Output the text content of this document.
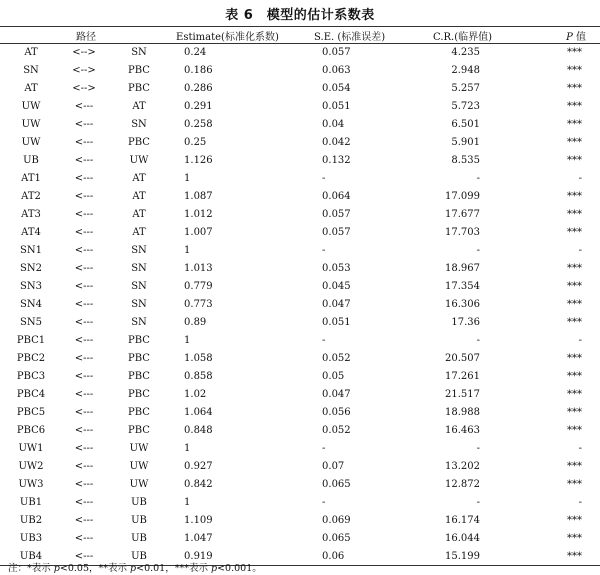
表 6　模型的估计系数表
路径			Estimate(标准化系数)	S.E. (标准误差)	C.R.(临界值)	P 值
AT	<-->	SN	0.24	0.057	4.235	***
SN	<-->	PBC	0.186	0.063	2.948	***
AT	<-->	PBC	0.286	0.054	5.257	***
UW	<---	AT	0.291	0.051	5.723	***
UW	<---	SN	0.258	0.04	6.501	***
UW	<---	PBC	0.25	0.042	5.901	***
UB	<---	UW	1.126	0.132	8.535	***
AT1	<---	AT	1	-	-	-
AT2	<---	AT	1.087	0.064	17.099	***
AT3	<---	AT	1.012	0.057	17.677	***
AT4	<---	AT	1.007	0.057	17.703	***
SN1	<---	SN	1	-	-	-
SN2	<---	SN	1.013	0.053	18.967	***
SN3	<---	SN	0.779	0.045	17.354	***
SN4	<---	SN	0.773	0.047	16.306	***
SN5	<---	SN	0.89	0.051	17.36	***
PBC1	<---	PBC	1	-	-	-
PBC2	<---	PBC	1.058	0.052	20.507	***
PBC3	<---	PBC	0.858	0.05	17.261	***
PBC4	<---	PBC	1.02	0.047	21.517	***
PBC5	<---	PBC	1.064	0.056	18.988	***
PBC6	<---	PBC	0.848	0.052	16.463	***
UW1	<---	UW	1	-	-	-
UW2	<---	UW	0.927	0.07	13.202	***
UW3	<---	UW	0.842	0.065	12.872	***
UB1	<---	UB	1	-	-	-
UB2	<---	UB	1.109	0.069	16.174	***
UB3	<---	UB	1.047	0.065	16.044	***
UB4	<---	UB	0.919	0.06	15.199	***
注：*表示 p<0.05，**表示 p<0.01，***表示 p<0.001。
